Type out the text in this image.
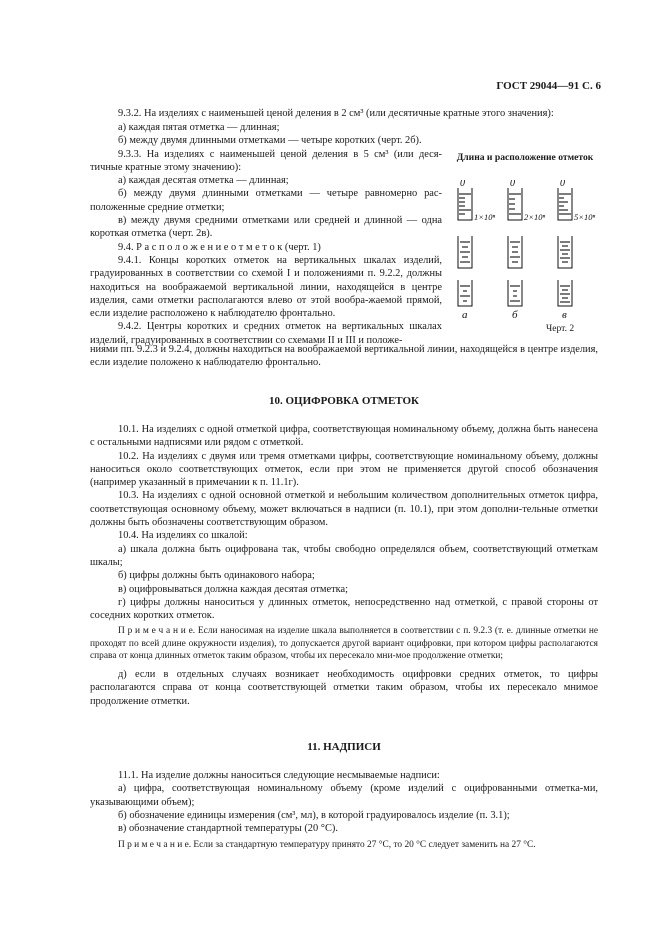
ГОСТ 29044—91 С. 6

9.3.2. На изделиях с наименьшей ценой деления в 2 см³ (или десятичные кратные этого значения):

а) каждая пятая отметка — длинная;

б) между двумя длинными отметками — четыре коротких (черт. 2б).

9.3.3. На изделиях с наименьшей ценой деления в 5 см³ (или деся-тичные кратные этому значению):

а) каждая десятая отметка — длинная;

б) между двумя длинными отметками — четыре равномерно рас-положенные средние отметки;

в) между двумя средними отметками или средней и длинной — одна короткая отметка (черт. 2в).

9.4. Р а с п о л о ж е н и е о т м е т о к (черт. 1)

9.4.1. Концы коротких отметок на вертикальных шкалах изделий, градуированных в соответствии со схемой I и положениями п. 9.2.2, должны находиться на воображаемой вертикальной линии, находящейся в центре изделия, сами отметки располагаются влево от этой вообра-жаемой прямой, если изделие расположено к наблюдателю фронтально.

9.4.2. Центры коротких и средних отметок на вертикальных шкалах изделий, градуированных в соответствии со схемами II и III и положе-

ниями пп. 9.2.3 и 9.2.4, должны находиться на воображаемой вертикальной линии, находящейся в центре изделия, если изделие положено к наблюдателю фронтально.

Длина и расположение отметок
0	0	0
1×10ⁿ	2×10ⁿ	5×10ⁿ
а	б	в
Черт. 2
10. ОЦИФРОВКА ОТМЕТОК

10.1. На изделиях с одной отметкой цифра, соответствующая номинальному объему, должна быть нанесена с остальными надписями или рядом с отметкой.

10.2. На изделиях с двумя или тремя отметками цифры, соответствующие номинальному объему, должны наноситься около соответствующих отметок, если при этом не применяется другой способ обозначения (например указанный в примечании к п. 11.1г).

10.3. На изделиях с одной основной отметкой и небольшим количеством дополнительных отметок цифра, соответствующая основному объему, может включаться в надписи (п. 10.1), при этом дополни-тельные отметки должны быть обозначены соответствующим образом.

10.4. На изделиях со шкалой:

а) шкала должна быть оцифрована так, чтобы свободно определялся объем, соответствующий отметкам шкалы;

б) цифры должны быть одинакового набора;

в) оцифровываться должна каждая десятая отметка;

г) цифры должны наноситься у длинных отметок, непосредственно над отметкой, с правой стороны от соседних коротких отметок.

П р и м е ч а н и е. Если наносимая на изделие шкала выполняется в соответствии с п. 9.2.3 (т. е. длинные отметки не проходят по всей длине окружности изделия), то допускается другой вариант оцифровки, при котором цифры располагаются справа от конца длинных отметок таким образом, чтобы их пересекало мни-мое продолжение отметки;

д) если в отдельных случаях возникает необходимость оцифровки средних отметок, то цифры располагаются справа от конца соответствующей отметки таким образом, чтобы их пересекало мнимое продолжение отметки.

11. НАДПИСИ

11.1. На изделие должны наноситься следующие несмываемые надписи:

а) цифра, соответствующая номинальному объему (кроме изделий с оцифрованными отметка-ми, указывающими объем);

б) обозначение единицы измерения (см³, мл), в которой градуировалось изделие (п. 3.1);

в) обозначение стандартной температуры (20 °С).

П р и м е ч а н и е. Если за стандартную температуру принято 27 °С, то 20 °С следует заменить на 27 °С.
